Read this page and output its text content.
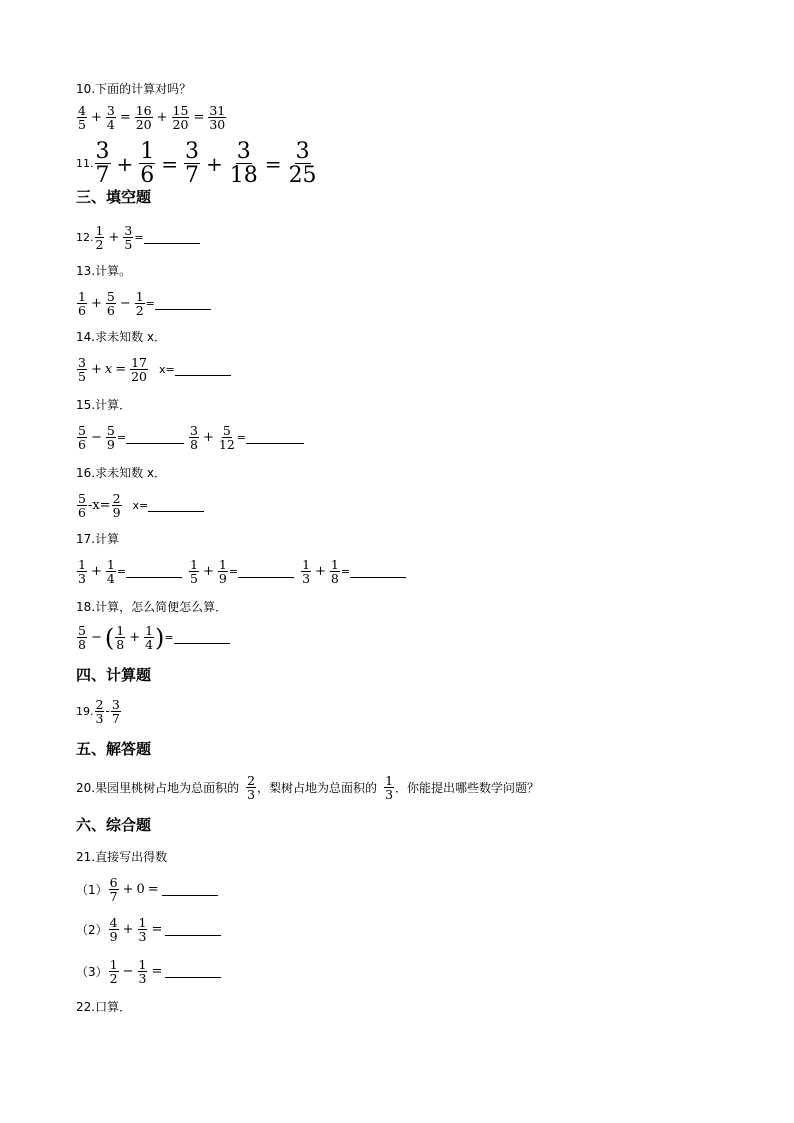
10.下面的计算对吗？
4
$5 + \frac{3}{4} = \frac{16}{20} + \frac{15}{20} = \frac{31}{30}$
11. 3
$7 + \frac{1}{6} = \frac{3}{7} + \frac{3}{18} = \frac{3}{25}$
三、填空题
12. 1
$2 + \frac{3}{5}$ =
13.计算。
1
$6 + \frac{5}{6} - \frac{1}{2}$ =
14.求未知数 x．
3
$5 + x = \frac{17}{20} x=$
15.计算．
5
$6 - \frac{5}{9}$ =	3
$8 + \frac{5}{12}$ =
16.求未知数 x．
5
6 $-x= \frac{2}{9} x=$
17.计算
1
$3 + \frac{1}{4}$ =	1
$5 + \frac{1}{9}$ =	1
$3 + \frac{1}{8}$ =
18.计算，怎么简便怎么算．
5
8 − ( 1
$8 + \frac{1}{4}$ ) =
四、计算题
19. 2
3 - 3
7
五、解答题
20.果园里桃树占地为总面积的 2
3 ，梨树占地为总面积的 1
3 ．你能提出哪些数学问题？
六、综合题
21.直接写出得数
（1） 6
7 + 0 =
（2） 4
$9 + \frac{1}{3}$ =
（3） 1
$2 - \frac{1}{3}$ =
22.口算．
